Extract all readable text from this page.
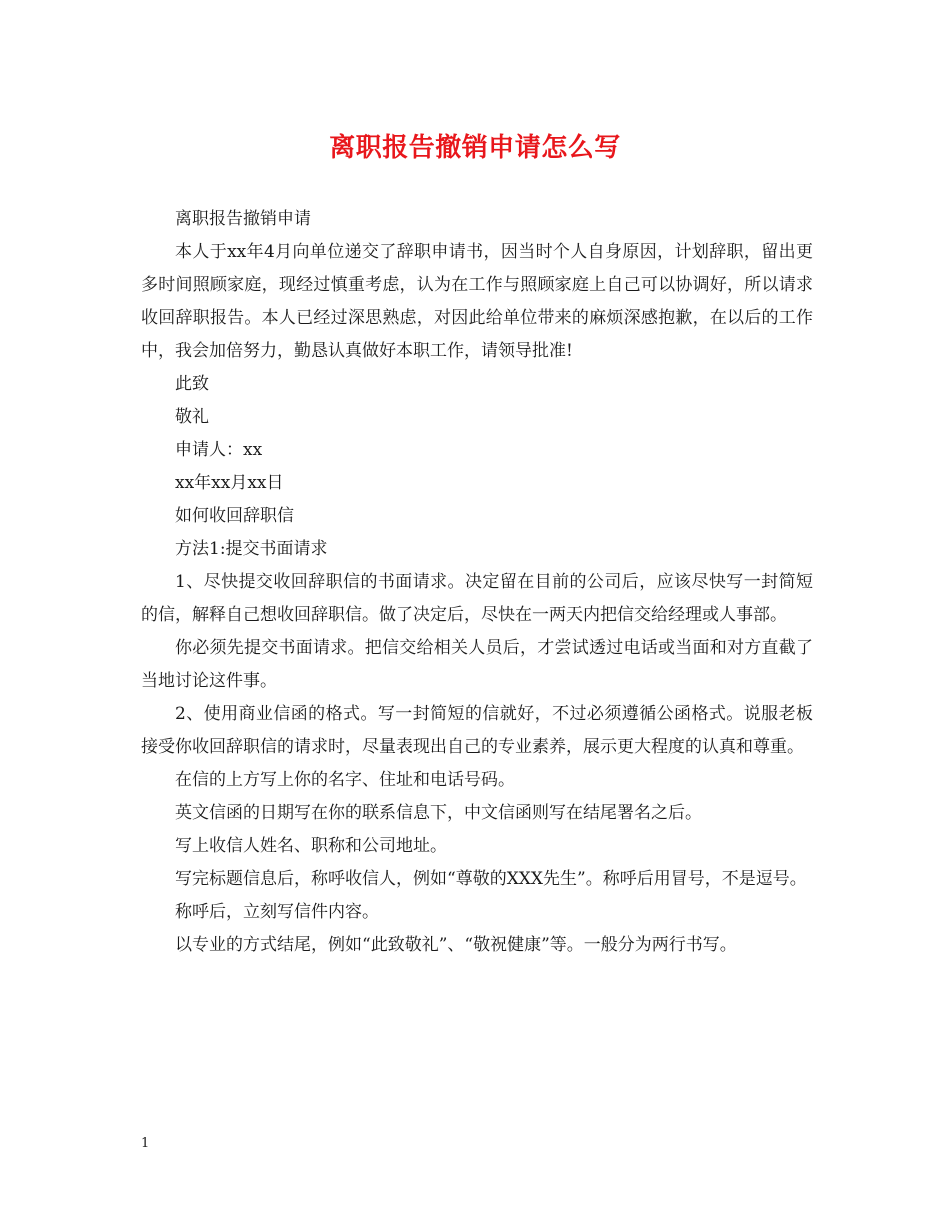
离职报告撤销申请怎么写

离职报告撤销申请

本人于xx年4月向单位递交了辞职申请书，因当时个人自身原因，计划辞职，留出更多时间照顾家庭，现经过慎重考虑，认为在工作与照顾家庭上自己可以协调好，所以请求收回辞职报告。本人已经过深思熟虑，对因此给单位带来的麻烦深感抱歉，在以后的工作中，我会加倍努力，勤恳认真做好本职工作，请领导批准!

此致

敬礼

申请人：xx

xx年xx月xx日

如何收回辞职信

方法1:提交书面请求

1、尽快提交收回辞职信的书面请求。决定留在目前的公司后，应该尽快写一封简短的信，解释自己想收回辞职信。做了决定后，尽快在一两天内把信交给经理或人事部。

你必须先提交书面请求。把信交给相关人员后，才尝试透过电话或当面和对方直截了当地讨论这件事。

2、使用商业信函的格式。写一封简短的信就好，不过必须遵循公函格式。说服老板接受你收回辞职信的请求时，尽量表现出自己的专业素养，展示更大程度的认真和尊重。

在信的上方写上你的名字、住址和电话号码。

英文信函的日期写在你的联系信息下，中文信函则写在结尾署名之后。

写上收信人姓名、职称和公司地址。

写完标题信息后，称呼收信人，例如“尊敬的XXX先生”。称呼后用冒号，不是逗号。

称呼后，立刻写信件内容。

以专业的方式结尾，例如“此致敬礼”、“敬祝健康”等。一般分为两行书写。

1
